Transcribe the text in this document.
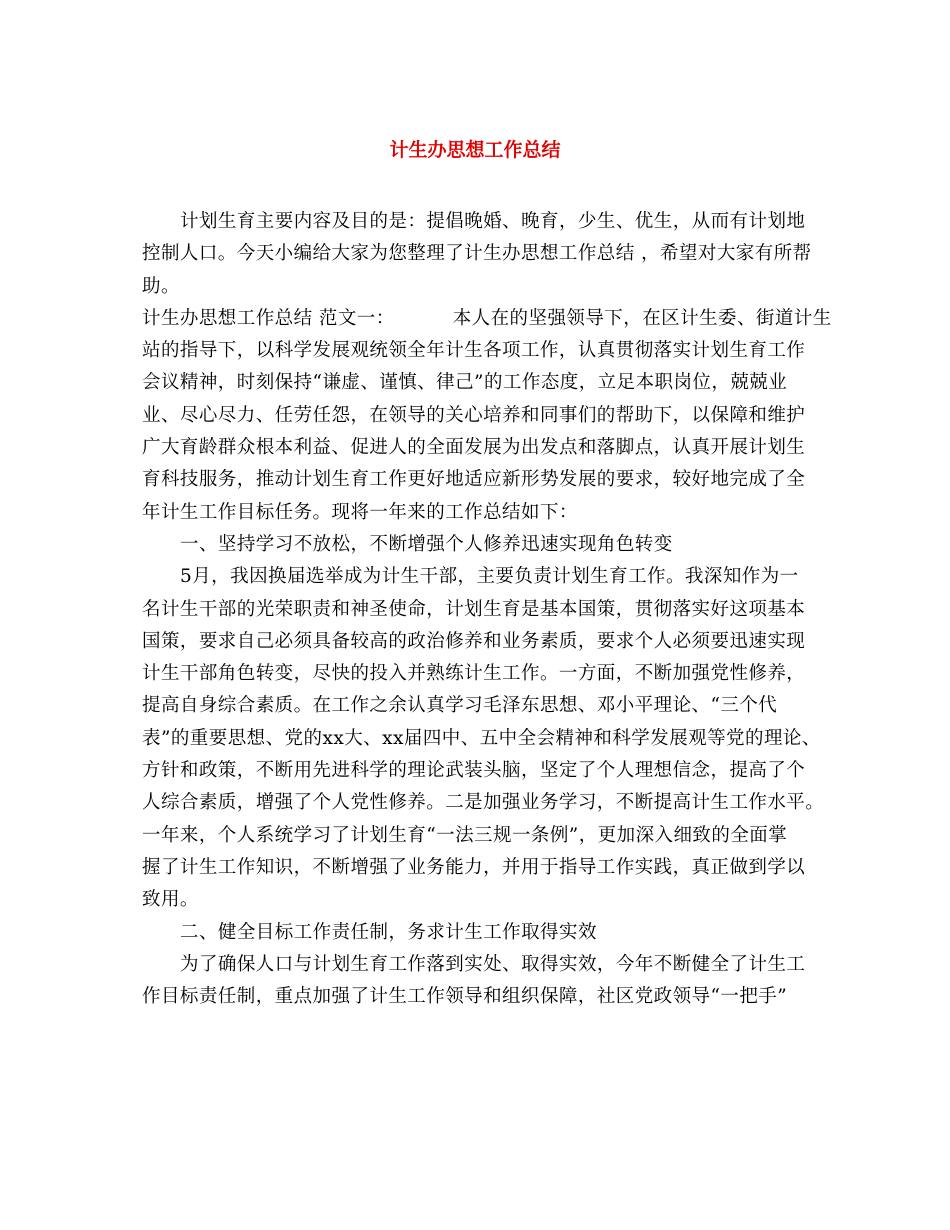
计生办思想工作总结
计划生育主要内容及目的是：提倡晚婚、晚育，少生、优生，从而有计划地
控制人口。今天小编给大家为您整理了计生办思想工作总结 ，希望对大家有所帮
助。
计生办思想工作总结 范文一：	本人在的坚强领导下，在区计生委、街道计生
站的指导下，以科学发展观统领全年计生各项工作，认真贯彻落实计划生育工作
会议精神，时刻保持“谦虚、谨慎、律己”的工作态度，立足本职岗位，兢兢业
业、尽心尽力、任劳任怨，在领导的关心培养和同事们的帮助下，以保障和维护
广大育龄群众根本利益、促进人的全面发展为出发点和落脚点，认真开展计划生
育科技服务，推动计划生育工作更好地适应新形势发展的要求，较好地完成了全
年计生工作目标任务。现将一年来的工作总结如下：
一、坚持学习不放松，不断增强个人修养迅速实现角色转变
5月，我因换届选举成为计生干部，主要负责计划生育工作。我深知作为一
名计生干部的光荣职责和神圣使命，计划生育是基本国策，贯彻落实好这项基本
国策，要求自己必须具备较高的政治修养和业务素质，要求个人必须要迅速实现
计生干部角色转变，尽快的投入并熟练计生工作。一方面，不断加强党性修养，
提高自身综合素质。在工作之余认真学习毛泽东思想、邓小平理论、“三个代
表”的重要思想、党的xx大、xx届四中、五中全会精神和科学发展观等党的理论、
方针和政策，不断用先进科学的理论武装头脑，坚定了个人理想信念，提高了个
人综合素质，增强了个人党性修养。二是加强业务学习，不断提高计生工作水平。
一年来，个人系统学习了计划生育“一法三规一条例”，更加深入细致的全面掌
握了计生工作知识，不断增强了业务能力，并用于指导工作实践，真正做到学以
致用。
二、健全目标工作责任制，务求计生工作取得实效
为了确保人口与计划生育工作落到实处、取得实效，今年不断健全了计生工
作目标责任制，重点加强了计生工作领导和组织保障，社区党政领导“一把手”
